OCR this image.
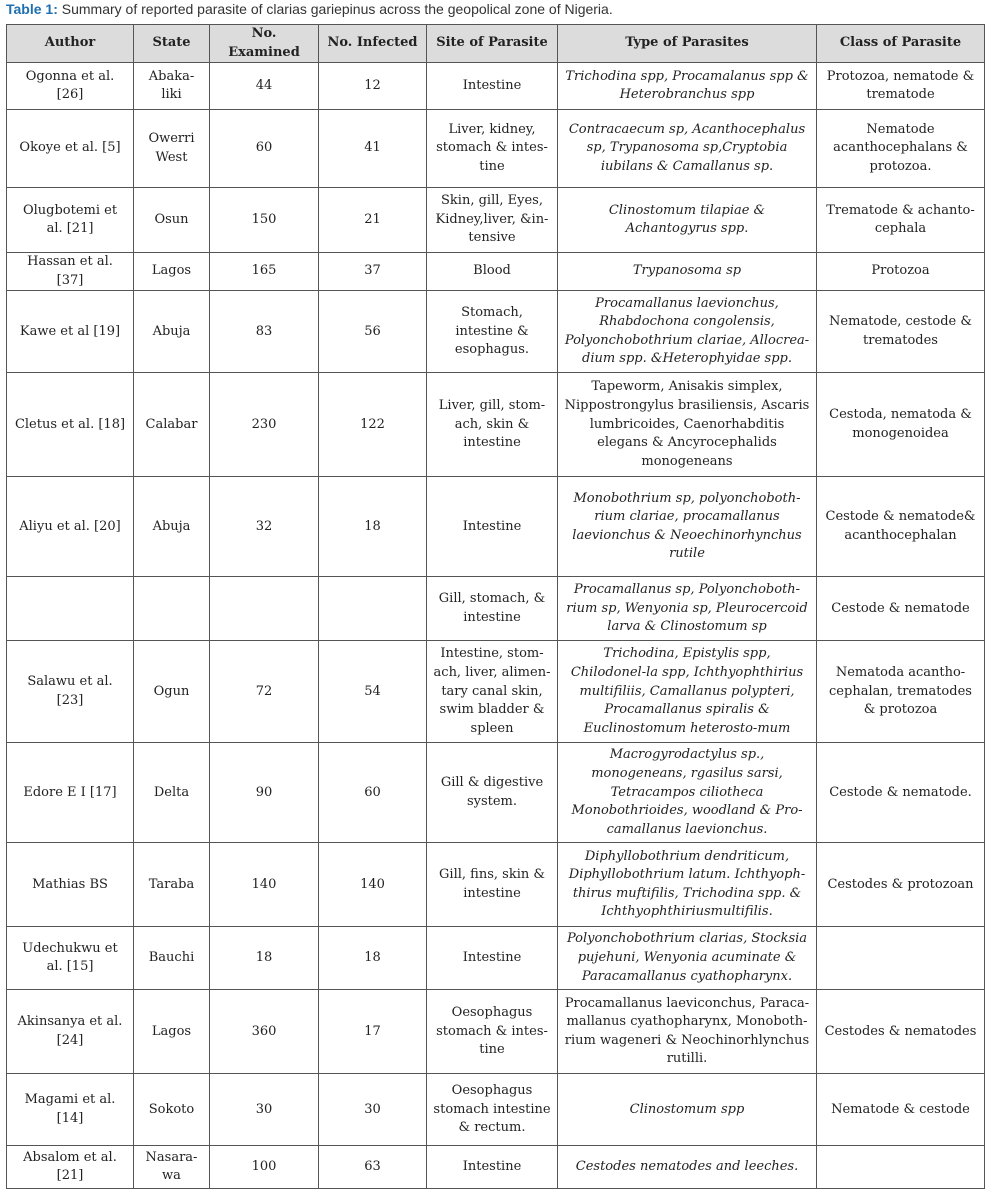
Table 1: Summary of reported parasite of clarias gariepinus across the geopolical zone of Nigeria.
Author	State	No. Examined	No. Infected	Site of Parasite	Type of Parasites	Class of Parasite
Ogonna et al. [26]	Abaka-liki	44	12	Intestine	Trichodina spp, Procamalanus spp & Heterobranchus spp	Protozoa, nematode & trematode
Okoye et al. [5]	Owerri West	60	41	Liver, kidney, stomach & intes-tine	Contracaecum sp, Acanthocephalus sp, Trypanosoma sp,Cryptobia iubilans & Camallanus sp.	Nematode acanthocephalans & protozoa.
Olugbotemi et al. [21]	Osun	150	21	Skin, gill, Eyes, Kidney,liver, &in-tensive	Clinostomum tilapiae & Achantogyrus spp.	Trematode & achanto-cephala
Hassan et al. [37]	Lagos	165	37	Blood	Trypanosoma sp	Protozoa
Kawe et al [19]	Abuja	83	56	Stomach, intestine & esophagus.	Procamallanus laevionchus, Rhabdochona congolensis, Polyonchobothrium clariae, Allocrea-dium spp. &Heterophyidae spp.	Nematode, cestode & trematodes
Cletus et al. [18]	Calabar	230	122	Liver, gill, stom-ach, skin & intestine	Tapeworm, Anisakis simplex, Nippostrongylus brasiliensis, Ascaris lumbricoides, Caenorhabditis elegans & Ancyrocephalids monogeneans	Cestoda, nematoda & monogenoidea
Aliyu et al. [20]	Abuja	32	18	Intestine	Monobothrium sp, polyonchoboth-rium clariae, procamallanus laevionchus & Neoechinorhynchus rutile	Cestode & nematode& acanthocephalan
				Gill, stomach, & intestine	Procamallanus sp, Polyonchoboth-rium sp, Wenyonia sp, Pleurocercoid larva & Clinostomum sp	Cestode & nematode
Salawu et al. [23]	Ogun	72	54	Intestine, stom-ach, liver, alimen-tary canal skin, swim bladder & spleen	Trichodina, Epistylis spp, Chilodonel-la spp, Ichthyophthirius multifiliis, Camallanus polypteri, Procamallanus spiralis & Euclinostomum heterosto-mum	Nematoda acantho-cephalan, trematodes & protozoa
Edore E I [17]	Delta	90	60	Gill & digestive system.	Macrogyrodactylus sp., monogeneans, rgasilus sarsi, Tetracampos ciliotheca Monobothrioides, woodland & Pro-camallanus laevionchus.	Cestode & nematode.
Mathias BS	Taraba	140	140	Gill, fins, skin & intestine	Diphyllobothrium dendriticum, Diphyllobothrium latum. Ichthyoph-thirus muftifilis, Trichodina spp. & Ichthyophthiriusmultifilis.	Cestodes & protozoan
Udechukwu et al. [15]	Bauchi	18	18	Intestine	Polyonchobothrium clarias, Stocksia pujehuni, Wenyonia acuminate & Paracamallanus cyathopharynx.	
Akinsanya et al. [24]	Lagos	360	17	Oesophagus stomach & intes-tine	Procamallanus laeviconchus, Paraca-mallanus cyathopharynx, Monoboth-rium wageneri & Neochinorhlynchus rutilli.	Cestodes & nematodes
Magami et al. [14]	Sokoto	30	30	Oesophagus stomach intestine & rectum.	Clinostomum spp	Nematode & cestode
Absalom et al. [21]	Nasara-wa	100	63	Intestine	Cestodes nematodes and leeches.	
